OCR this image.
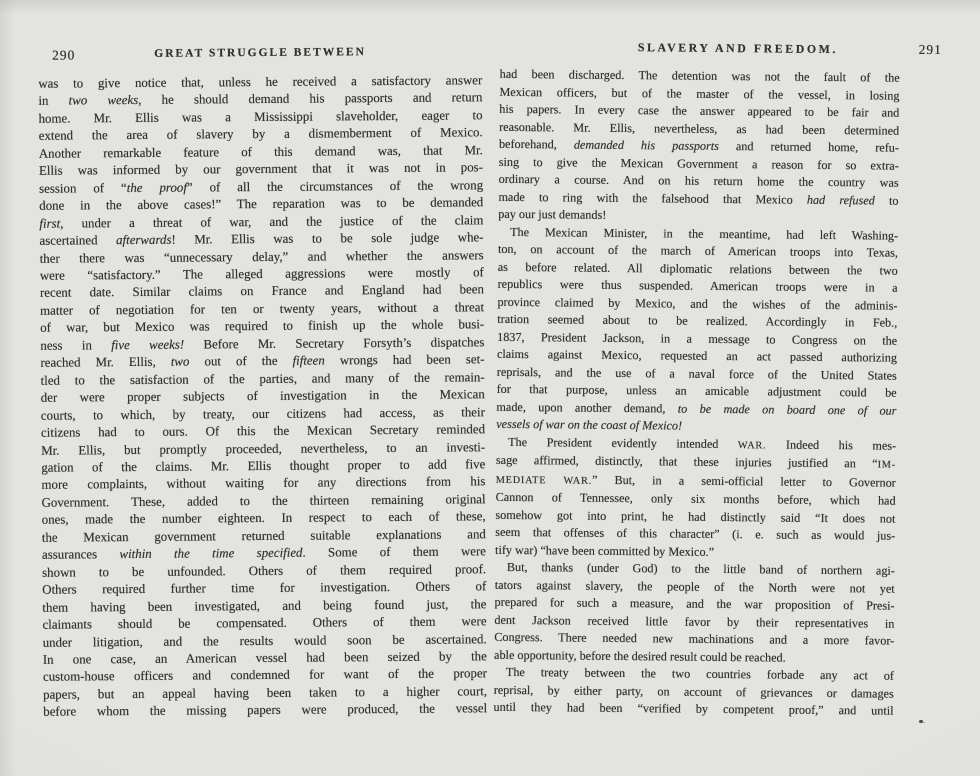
290	GREAT STRUGGLE BETWEEN
was to give notice that, unless he received a satisfactory answer
in two weeks, he should demand his passports and return
home. Mr. Ellis was a Mississippi slaveholder, eager to
extend the area of slavery by a dismemberment of Mexico.
Another remarkable feature of this demand was, that Mr.
Ellis was informed by our government that it was not in pos-
session of “the proof” of all the circumstances of the wrong
done in the above cases!” The reparation was to be demanded
first, under a threat of war, and the justice of the claim
ascertained afterwards! Mr. Ellis was to be sole judge whe-
ther there was “unnecessary delay,” and whether the answers
were “satisfactory.” The alleged aggressions were mostly of
recent date. Similar claims on France and England had been
matter of negotiation for ten or twenty years, without a threat
of war, but Mexico was required to finish up the whole busi-
ness in five weeks! Before Mr. Secretary Forsyth’s dispatches
reached Mr. Ellis, two out of the fifteen wrongs had been set-
tled to the satisfaction of the parties, and many of the remain-
der were proper subjects of investigation in the Mexican
courts, to which, by treaty, our citizens had access, as their
citizens had to ours. Of this the Mexican Secretary reminded
Mr. Ellis, but promptly proceeded, nevertheless, to an investi-
gation of the claims. Mr. Ellis thought proper to add five
more complaints, without waiting for any directions from his
Government. These, added to the thirteen remaining original
ones, made the number eighteen. In respect to each of these,
the Mexican government returned suitable explanations and
assurances within the time specified. Some of them were
shown to be unfounded. Others of them required proof.
Others required further time for investigation. Others of
them having been investigated, and being found just, the
claimants should be compensated. Others of them were
under litigation, and the results would soon be ascertained.
In one case, an American vessel had been seized by the
custom-house officers and condemned for want of the proper
papers, but an appeal having been taken to a higher court,
before whom the missing papers were produced, the vessel
SLAVERY AND FREEDOM.	291
had been discharged. The detention was not the fault of the
Mexican officers, but of the master of the vessel, in losing
his papers. In every case the answer appeared to be fair and
reasonable. Mr. Ellis, nevertheless, as had been determined
beforehand, demanded his passports and returned home, refu-
sing to give the Mexican Government a reason for so extra-
ordinary a course. And on his return home the country was
made to ring with the falsehood that Mexico had refused to
pay our just demands!
The Mexican Minister, in the meantime, had left Washing-
ton, on account of the march of American troops into Texas,
as before related. All diplomatic relations between the two
republics were thus suspended. American troops were in a
province claimed by Mexico, and the wishes of the adminis-
tration seemed about to be realized. Accordingly in Feb.,
1837, President Jackson, in a message to Congress on the
claims against Mexico, requested an act passed authorizing
reprisals, and the use of a naval force of the United States
for that purpose, unless an amicable adjustment could be
made, upon another demand, to be made on board one of our
vessels of war on the coast of Mexico!
The President evidently intended WAR. Indeed his mes-
sage affirmed, distinctly, that these injuries justified an “IM-
MEDIATE WAR.” But, in a semi-official letter to Governor
Cannon of Tennessee, only six months before, which had
somehow got into print, he had distinctly said “It does not
seem that offenses of this character” (i. e. such as would jus-
tify war) “have been committed by Mexico.”
But, thanks (under God) to the little band of northern agi-
tators against slavery, the people of the North were not yet
prepared for such a measure, and the war proposition of Presi-
dent Jackson received little favor by their representatives in
Congress. There needed new machinations and a more favor-
able opportunity, before the desired result could be reached.
The treaty between the two countries forbade any act of
reprisal, by either party, on account of grievances or damages
until they had been “verified by competent proof,” and until
